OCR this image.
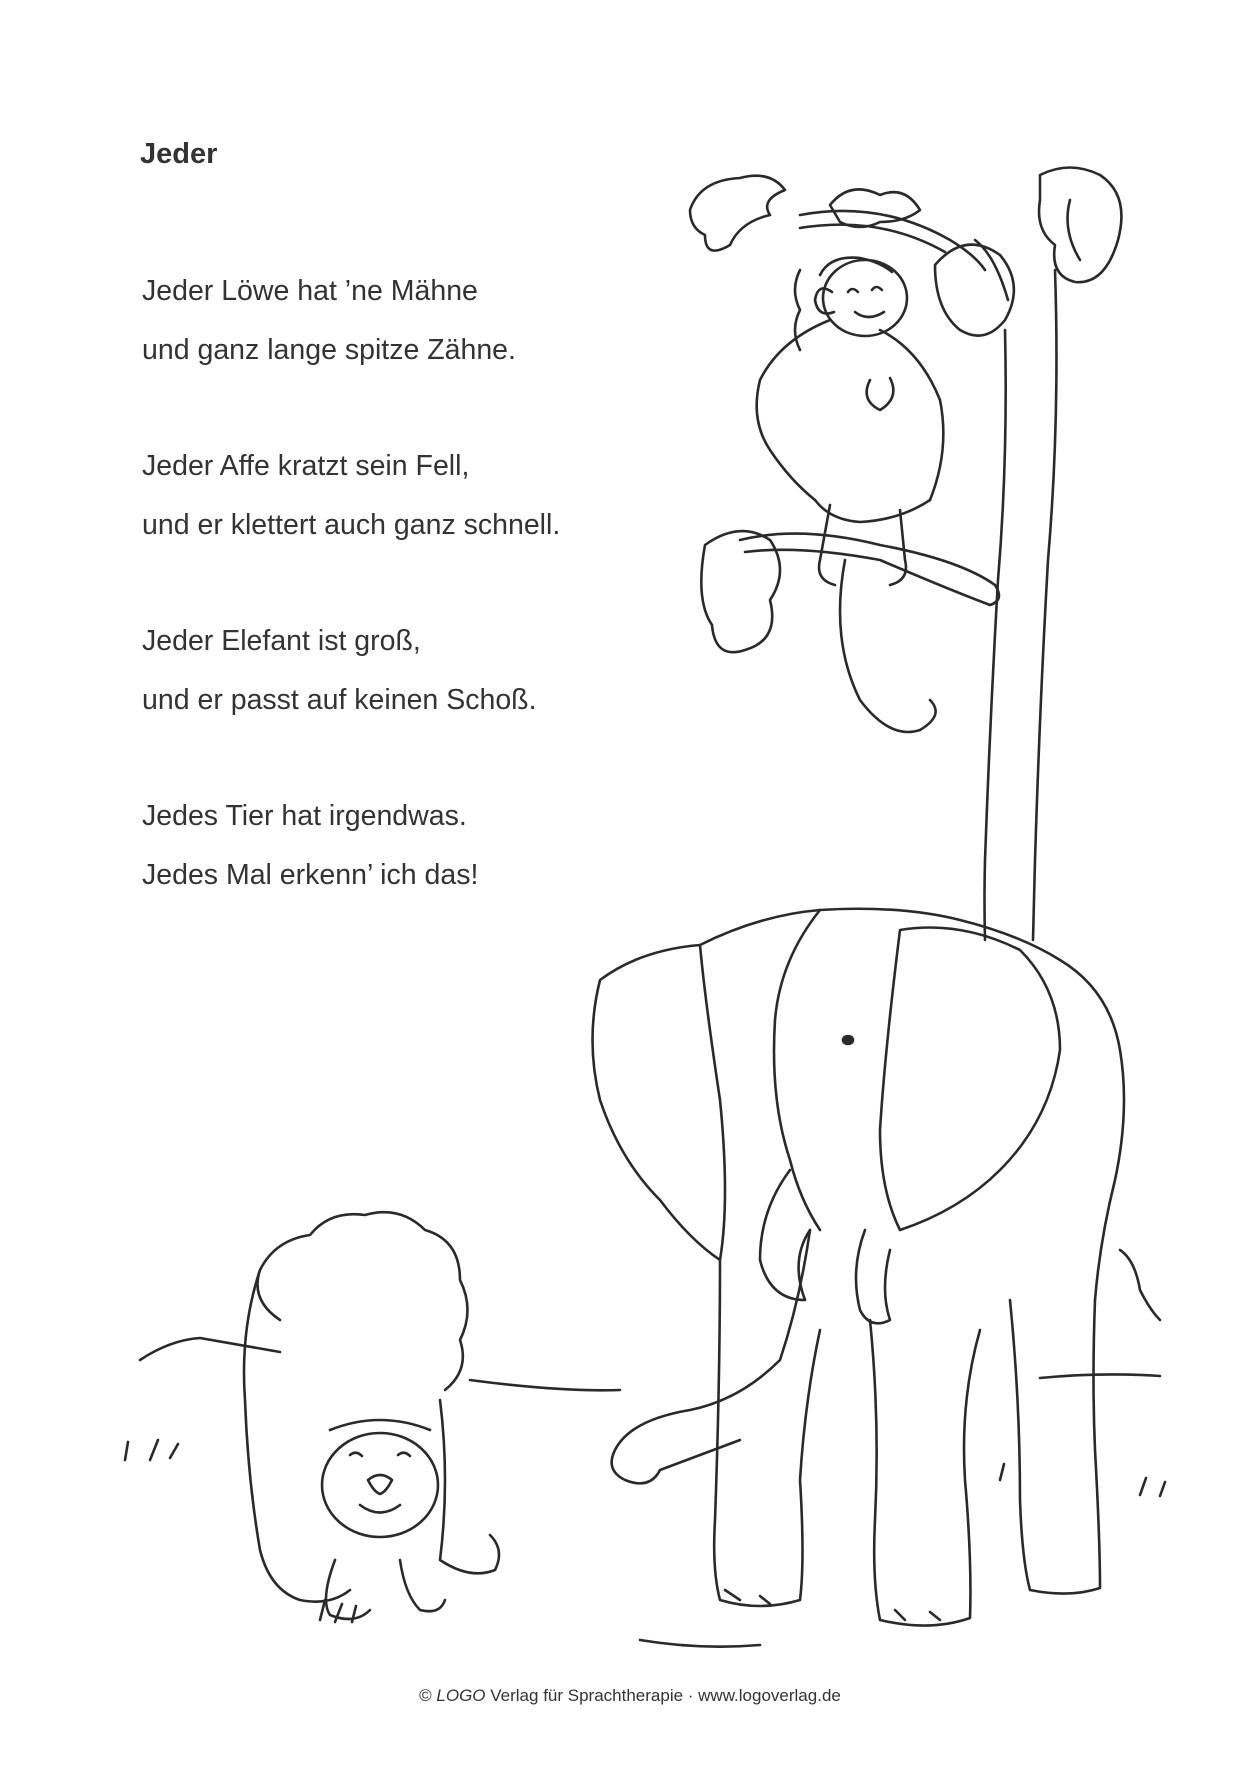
Jeder
Jeder Löwe hat ’ne Mähne
und ganz lange spitze Zähne.
Jeder Affe kratzt sein Fell,
und er klettert auch ganz schnell.
Jeder Elefant ist groß,
und er passt auf keinen Schoß.
Jedes Tier hat irgendwas.
Jedes Mal erkenn’ ich das!
© LOGO Verlag für Sprachtherapie · www.logoverlag.de
